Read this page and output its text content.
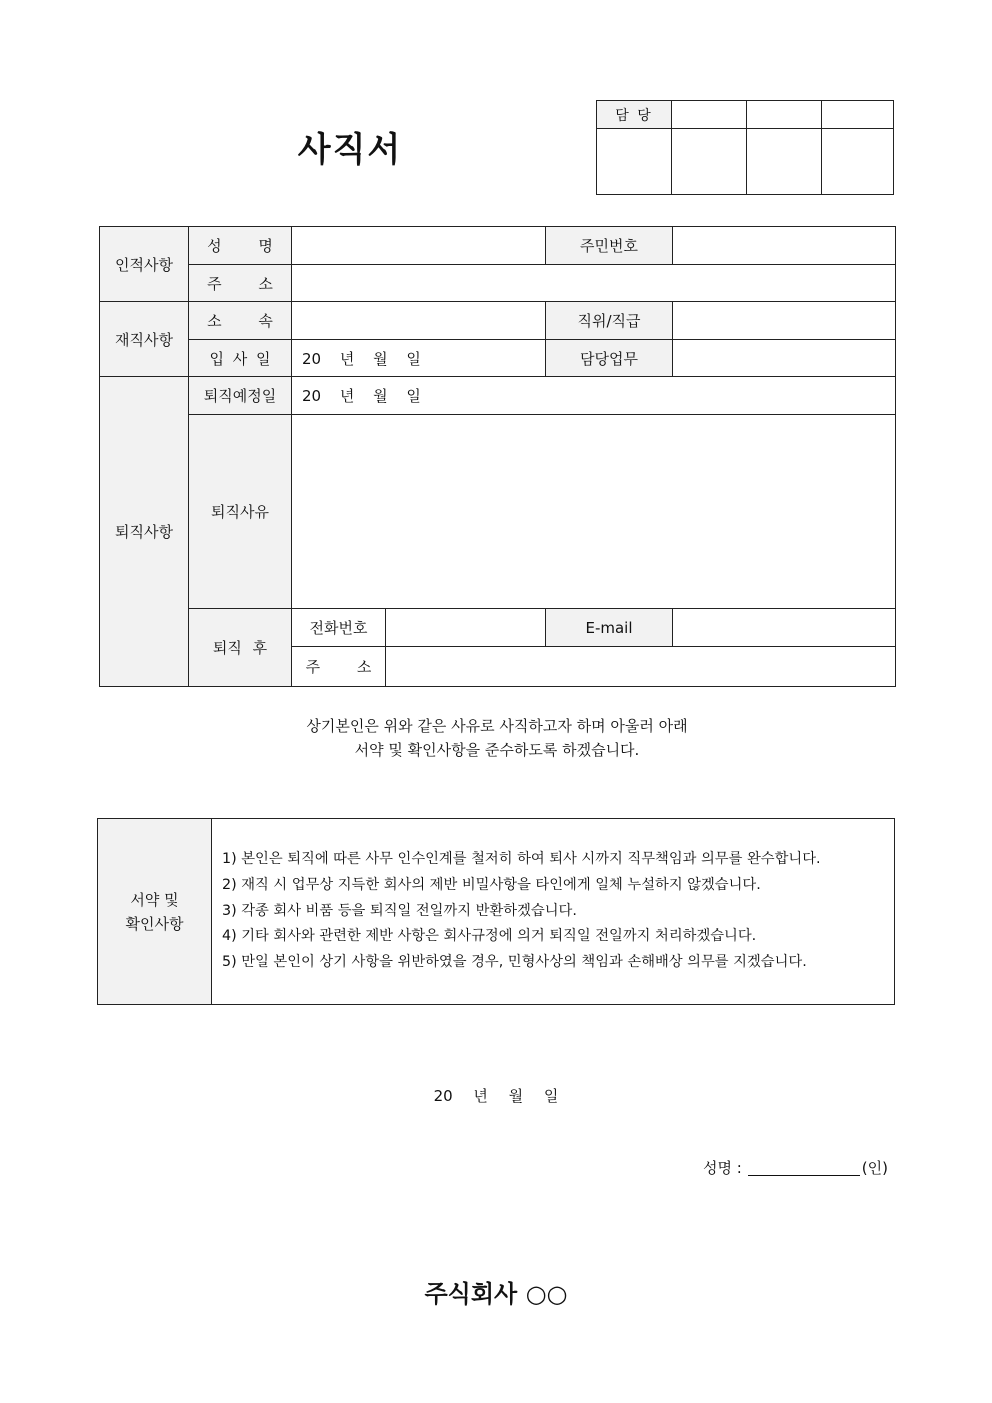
사직서
담 당			

인적사항	성 명			주민번호	
	주 소				
재직사항	소 속			직위/직급	
	입 사 일	20 년 월 일		담당업무	
퇴직사항	퇴직예정일	20 년 월 일			
	퇴직사유				
	퇴직 후	전화번호		E-mail	
		주 소			
상기본인은 위와 같은 사유로 사직하고자 하며 아울러 아래
서약 및 확인사항을 준수하도록 하겠습니다.
서약 및
확인사항

1) 본인은 퇴직에 따른 사무 인수인계를 철저히 하여 퇴사 시까지 직무책임과 의무를 완수합니다.
2) 재직 시 업무상 지득한 회사의 제반 비밀사항을 타인에게 일체 누설하지 않겠습니다.
3) 각종 회사 비품 등을 퇴직일 전일까지 반환하겠습니다.
4) 기타 회사와 관련한 제반 사항은 회사규정에 의거 퇴직일 전일까지 처리하겠습니다.
5) 만일 본인이 상기 사항을 위반하였을 경우, 민형사상의 책임과 손해배상 의무를 지겠습니다.
20 년 월 일
성명 :	(인)
주식회사 ○○
